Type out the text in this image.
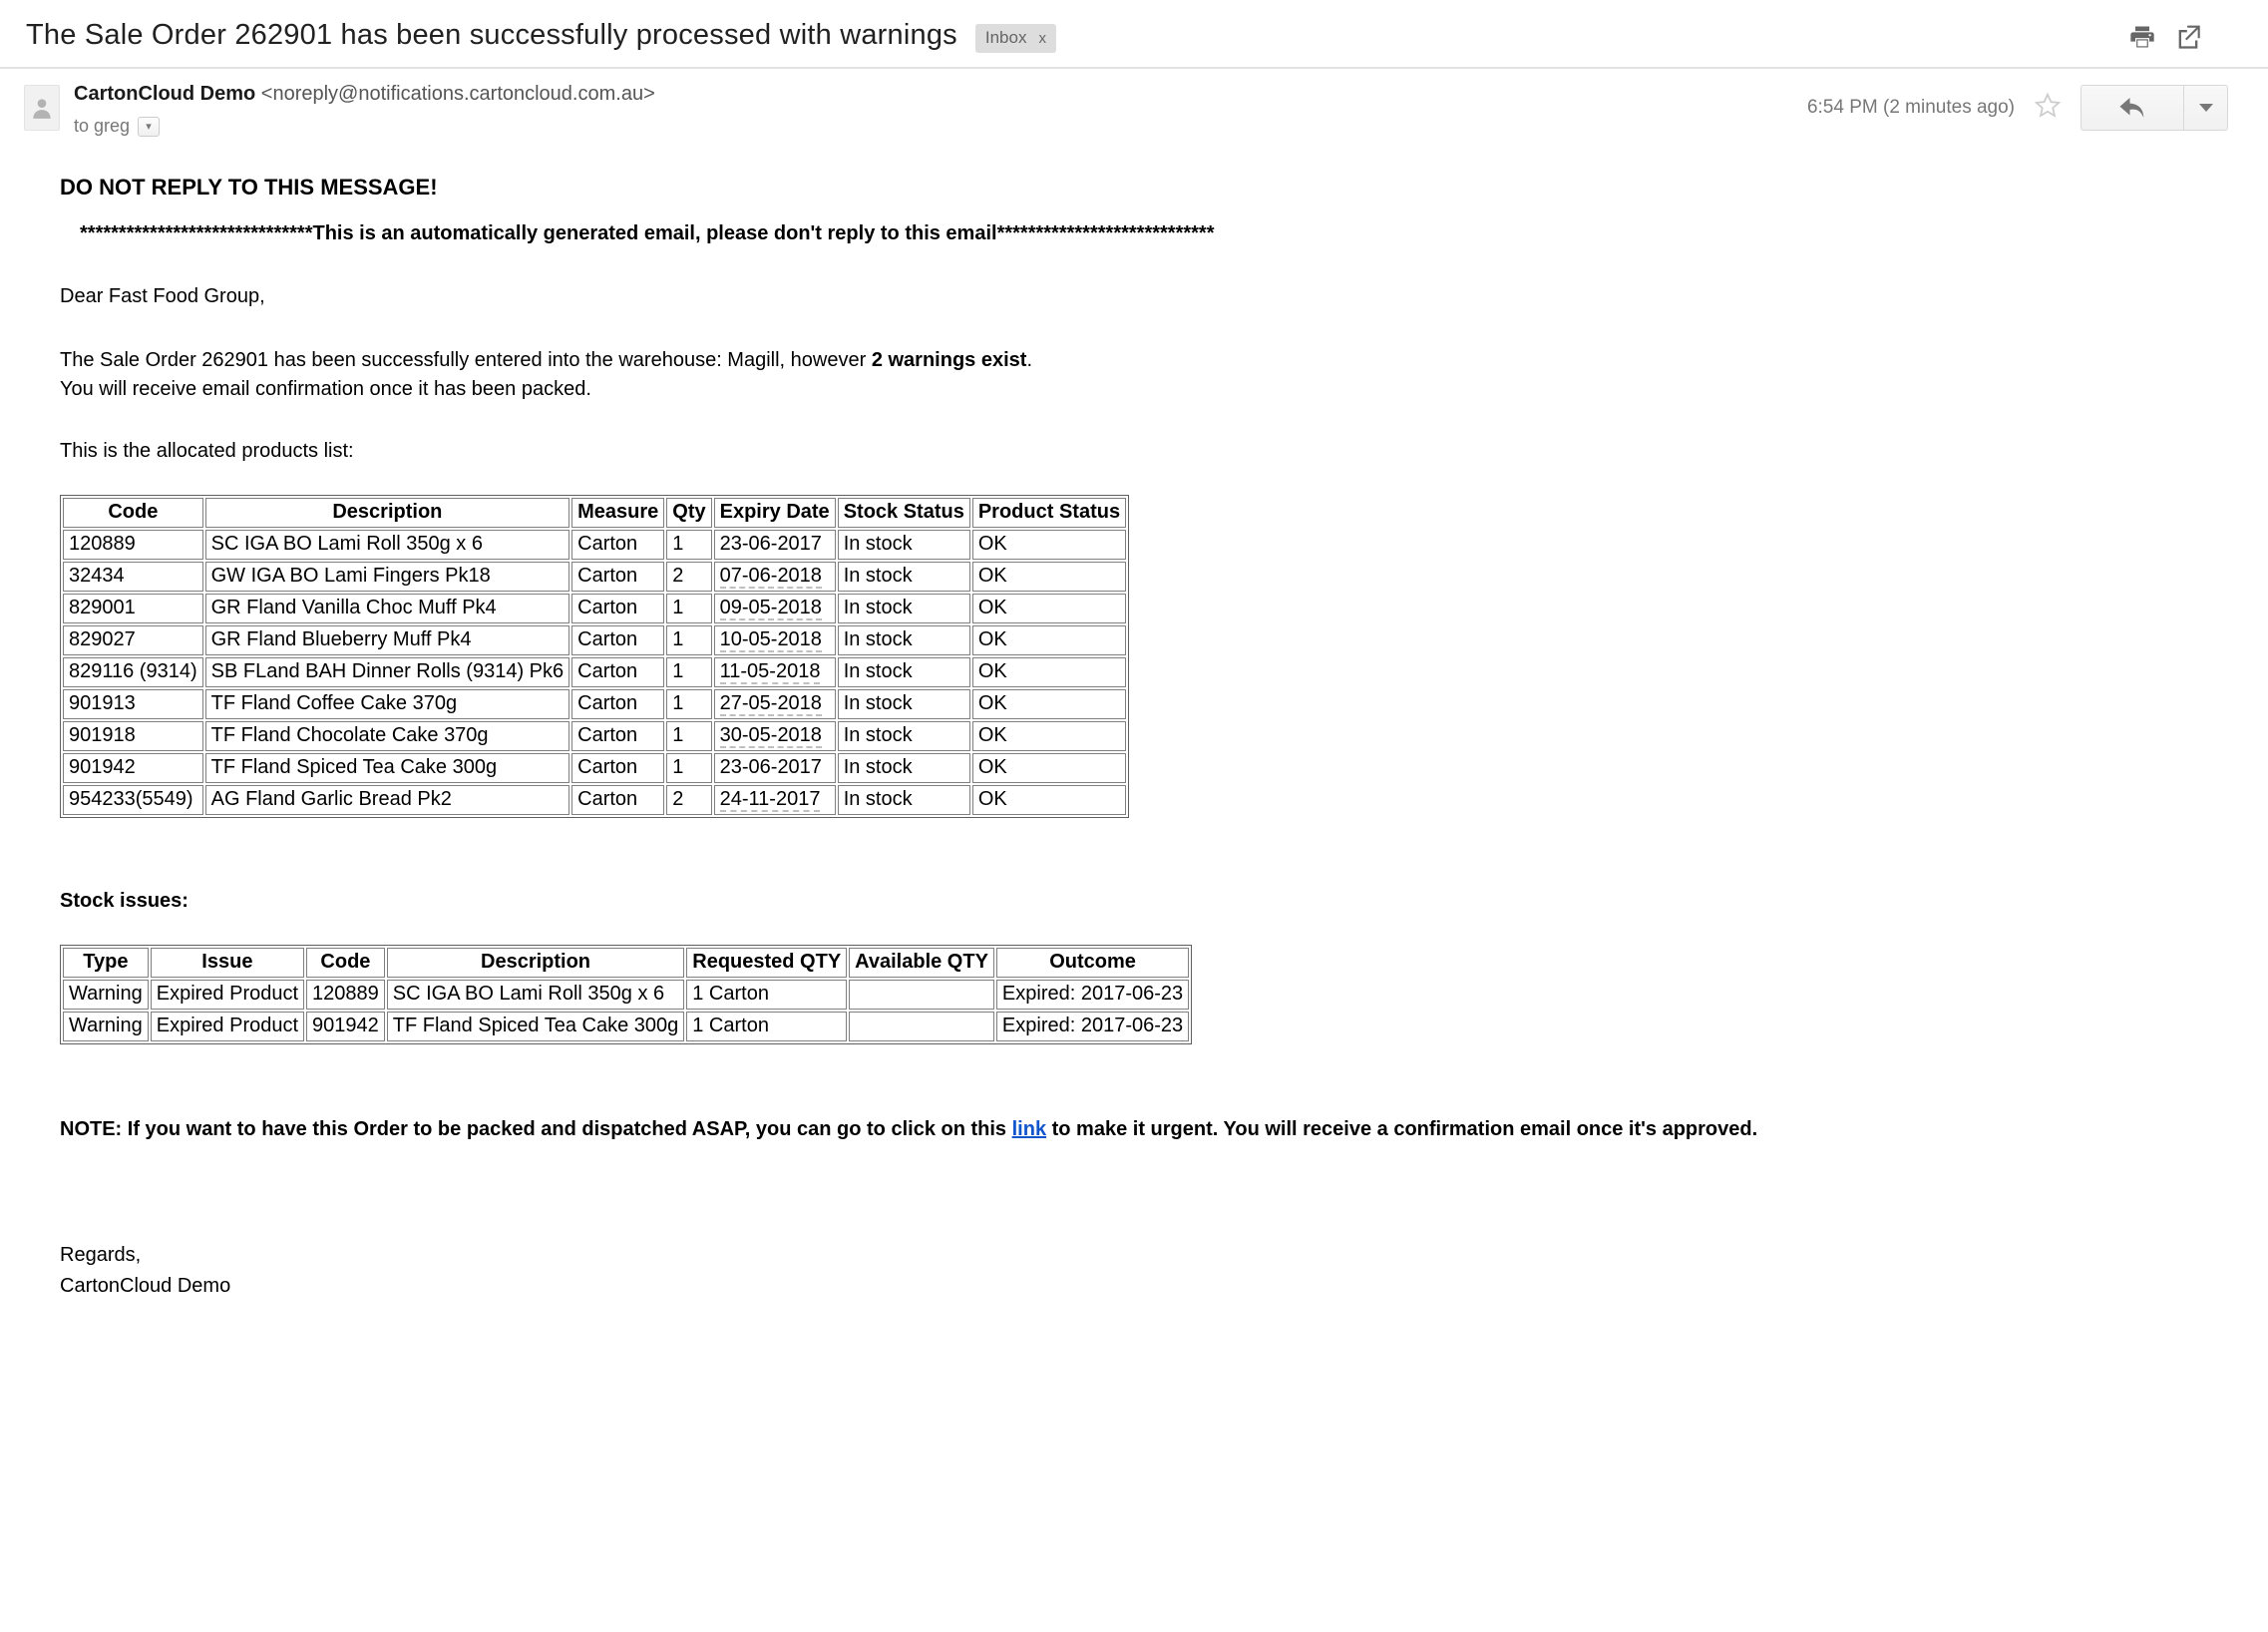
The Sale Order 262901 has been successfully processed with warnings Inbox x
CartonCloud Demo <noreply@notifications.cartoncloud.com.au>
to greg	▾
6:54 PM (2 minutes ago)
DO NOT REPLY TO THIS MESSAGE!
******************************This is an automatically generated email, please don't reply to this email****************************
Dear Fast Food Group,
The Sale Order 262901 has been successfully entered into the warehouse: Magill, however 2 warnings exist.
You will receive email confirmation once it has been packed.
This is the allocated products list:
Code	Description	Measure	Qty	Expiry Date	Stock Status	Product Status
120889	SC IGA BO Lami Roll 350g x 6	Carton	1	23-06-2017	In stock	OK
32434	GW IGA BO Lami Fingers Pk18	Carton	2	07-06-2018	In stock	OK
829001	GR Fland Vanilla Choc Muff Pk4	Carton	1	09-05-2018	In stock	OK
829027	GR Fland Blueberry Muff Pk4	Carton	1	10-05-2018	In stock	OK
829116 (9314)	SB FLand BAH Dinner Rolls (9314) Pk6	Carton	1	11-05-2018	In stock	OK
901913	TF Fland Coffee Cake 370g	Carton	1	27-05-2018	In stock	OK
901918	TF Fland Chocolate Cake 370g	Carton	1	30-05-2018	In stock	OK
901942	TF Fland Spiced Tea Cake 300g	Carton	1	23-06-2017	In stock	OK
954233(5549)	AG Fland Garlic Bread Pk2	Carton	2	24-11-2017	In stock	OK
Stock issues:
Type	Issue	Code	Description	Requested QTY	Available QTY	Outcome
Warning	Expired Product	120889	SC IGA BO Lami Roll 350g x 6	1 Carton		Expired: 2017-06-23
Warning	Expired Product	901942	TF Fland Spiced Tea Cake 300g	1 Carton		Expired: 2017-06-23
NOTE: If you want to have this Order to be packed and dispatched ASAP, you can go to click on this link to make it urgent. You will receive a confirmation email once it's approved.
Regards,
CartonCloud Demo
